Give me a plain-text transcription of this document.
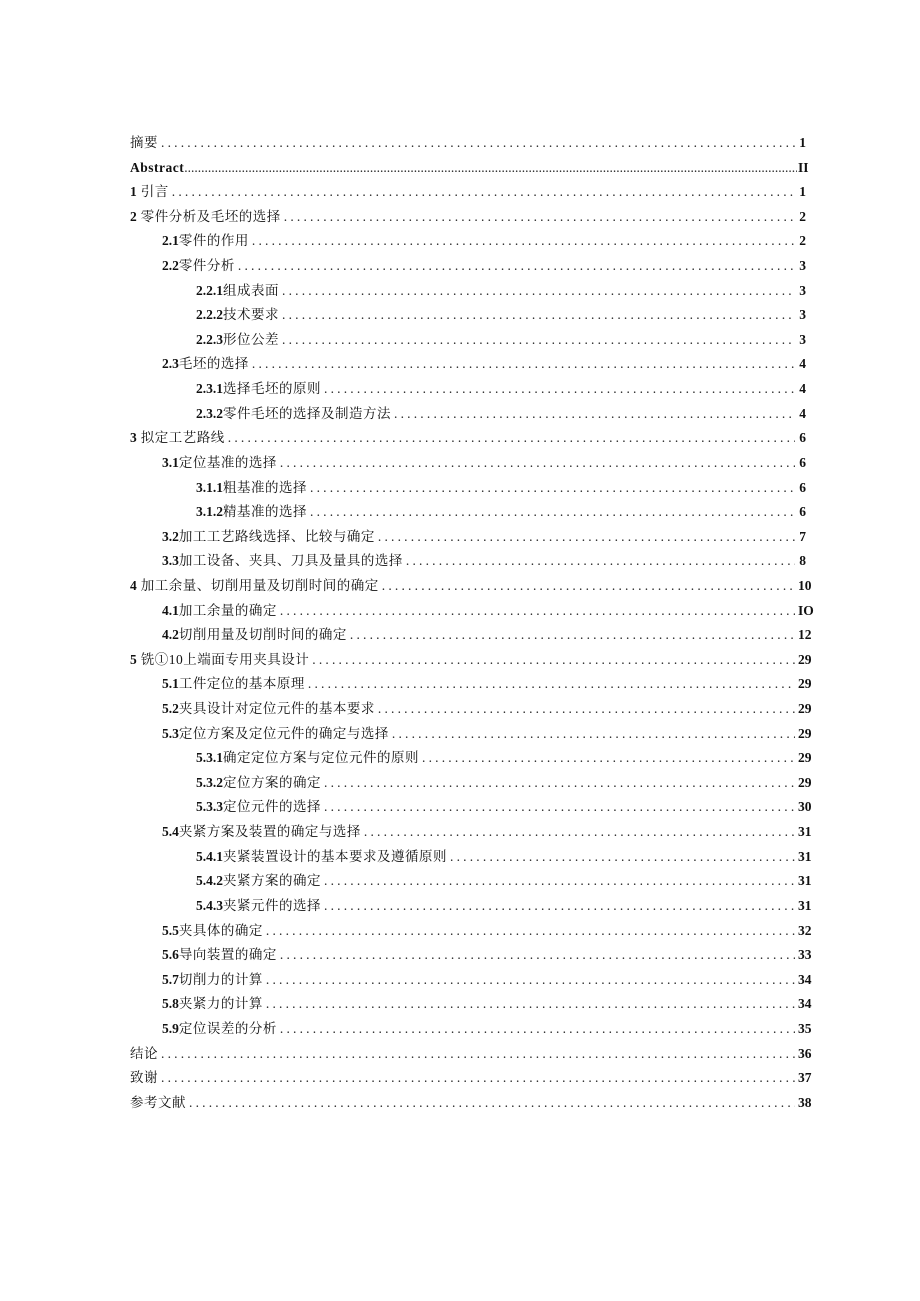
摘要 .....	1
Abstract .....	II
1 引言 .....	1
2 零件分析及毛坯的选择 .....	2
2.1 零件的作用 .....	2
2.2 零件分析 .....	3
2.2.1 组成表面 .....	3
2.2.2 技术要求 .....	3
2.2.3 形位公差 .....	3
2.3 毛坯的选择 .....	4
2.3.1 选择毛坯的原则 .....	4
2.3.2 零件毛坯的选择及制造方法 .....	4
3 拟定工艺路线 .....	6
3.1 定位基准的选择 .....	6
3.1.1 粗基准的选择 .....	6
3.1.2 精基准的选择 .....	6
3.2 加工工艺路线选择、比较与确定 .....	7
3.3 加工设备、夹具、刀具及量具的选择 .....	8
4 加工余量、切削用量及切削时间的确定 .....	10
4.1 加工余量的确定 .....	IO
4.2 切削用量及切削时间的确定 .....	12
5 铣①10上端面专用夹具设计 .....	29
5.1 工件定位的基本原理 .....	29
5.2 夹具设计对定位元件的基本要求 .....	29
5.3 定位方案及定位元件的确定与选择 .....	29
5.3.1 确定定位方案与定位元件的原则 .....	29
5.3.2 定位方案的确定 .....	29
5.3.3 定位元件的选择 .....	30
5.4 夹紧方案及装置的确定与选择 .....	31
5.4.1 夹紧装置设计的基本要求及遵循原则 .....	31
5.4.2 夹紧方案的确定 .....	31
5.4.3 夹紧元件的选择 .....	31
5.5 夹具体的确定 .....	32
5.6 导向装置的确定 .....	33
5.7 切削力的计算 .....	34
5.8 夹紧力的计算 .....	34
5.9 定位误差的分析 .....	35
结论 .....	36
致谢 .....	37
参考文献 .....	38
